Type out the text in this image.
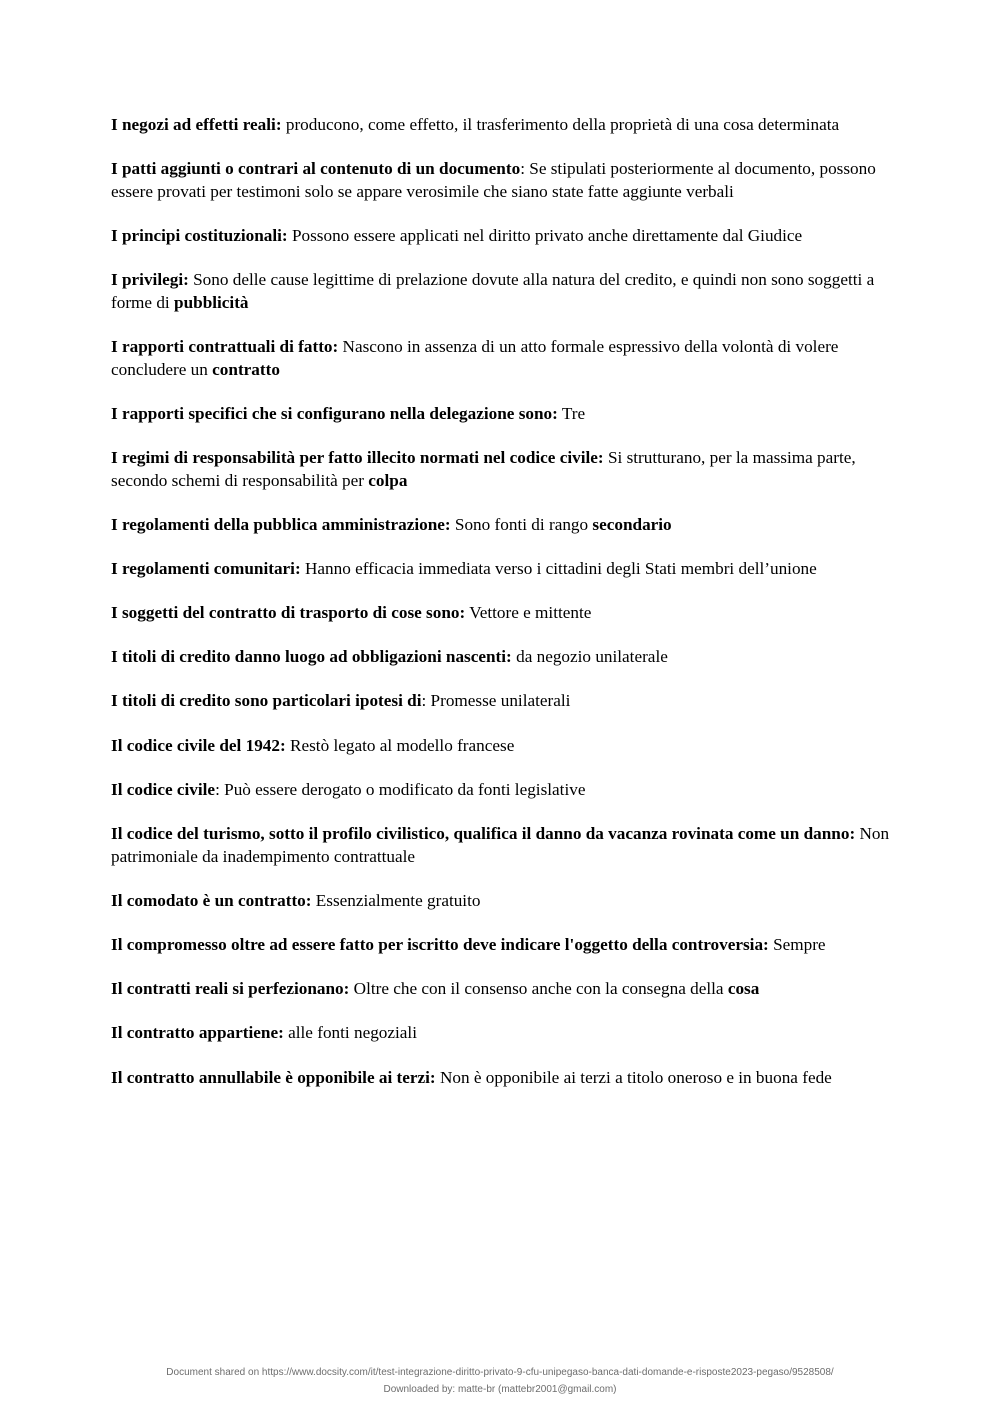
I negozi ad effetti reali: producono, come effetto, il trasferimento della proprietà di una cosa determinata

I patti aggiunti o contrari al contenuto di un documento: Se stipulati posteriormente al documento, possono essere provati per testimoni solo se appare verosimile che siano state fatte aggiunte verbali

I principi costituzionali: Possono essere applicati nel diritto privato anche direttamente dal Giudice

I privilegi: Sono delle cause legittime di prelazione dovute alla natura del credito, e quindi non sono soggetti a forme di pubblicità

I rapporti contrattuali di fatto: Nascono in assenza di un atto formale espressivo della volontà di volere concludere un contratto

I rapporti specifici che si configurano nella delegazione sono: Tre

I regimi di responsabilità per fatto illecito normati nel codice civile: Si strutturano, per la massima parte, secondo schemi di responsabilità per colpa

I regolamenti della pubblica amministrazione: Sono fonti di rango secondario

I regolamenti comunitari: Hanno efficacia immediata verso i cittadini degli Stati membri dell’unione

I soggetti del contratto di trasporto di cose sono: Vettore e mittente

I titoli di credito danno luogo ad obbligazioni nascenti: da negozio unilaterale

I titoli di credito sono particolari ipotesi di: Promesse unilaterali

Il codice civile del 1942: Restò legato al modello francese

Il codice civile: Può essere derogato o modificato da fonti legislative

Il codice del turismo, sotto il profilo civilistico, qualifica il danno da vacanza rovinata come un danno: Non patrimoniale da inadempimento contrattuale

Il comodato è un contratto: Essenzialmente gratuito

Il compromesso oltre ad essere fatto per iscritto deve indicare l'oggetto della controversia: Sempre

Il contratti reali si perfezionano: Oltre che con il consenso anche con la consegna della cosa

Il contratto appartiene: alle fonti negoziali

Il contratto annullabile è opponibile ai terzi: Non è opponibile ai terzi a titolo oneroso e in buona fede

Document shared on https://www.docsity.com/it/test-integrazione-diritto-privato-9-cfu-unipegaso-banca-dati-domande-e-risposte2023-pegaso/9528508/
Downloaded by: matte-br (mattebr2001@gmail.com)
